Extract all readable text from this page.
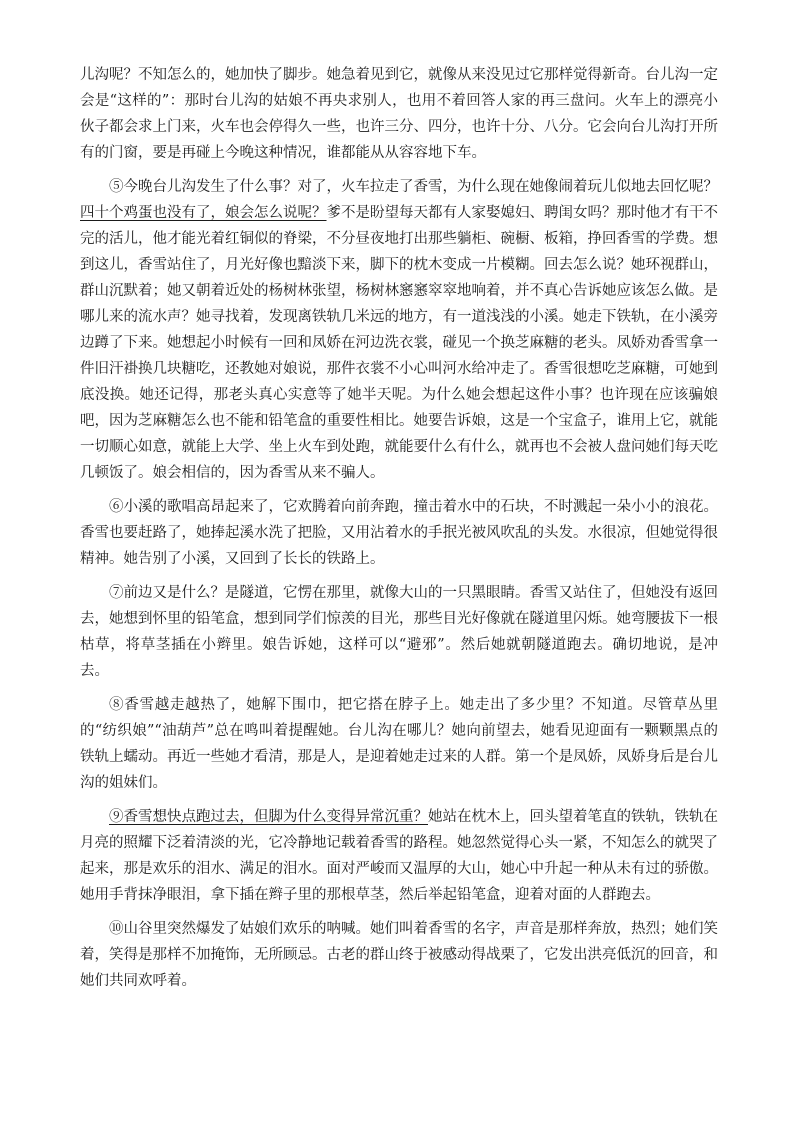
儿沟呢？不知怎么的，她加快了脚步。她急着见到它，就像从来没见过它那样觉得新奇。台儿沟一定会是“这样的”：那时台儿沟的姑娘不再央求别人，也用不着回答人家的再三盘问。火车上的漂亮小伙子都会求上门来，火车也会停得久一些，也许三分、四分，也许十分、八分。它会向台儿沟打开所有的门窗，要是再碰上今晚这种情况，谁都能从从容容地下车。

⑤今晚台儿沟发生了什么事？对了，火车拉走了香雪，为什么现在她像闹着玩儿似地去回忆呢？四十个鸡蛋也没有了，娘会怎么说呢？爹不是盼望每天都有人家娶媳妇、聘闺女吗？那时他才有干不完的活儿，他才能光着红铜似的脊梁，不分昼夜地打出那些躺柜、碗橱、板箱，挣回香雪的学费。想到这儿，香雪站住了，月光好像也黯淡下来，脚下的枕木变成一片模糊。回去怎么说？她环视群山，群山沉默着；她又朝着近处的杨树林张望，杨树林窸窸窣窣地响着，并不真心告诉她应该怎么做。是哪儿来的流水声？她寻找着，发现离铁轨几米远的地方，有一道浅浅的小溪。她走下铁轨，在小溪旁边蹲了下来。她想起小时候有一回和凤娇在河边洗衣裳，碰见一个换芝麻糖的老头。凤娇劝香雪拿一件旧汗褂换几块糖吃，还教她对娘说，那件衣裳不小心叫河水给冲走了。香雪很想吃芝麻糖，可她到底没换。她还记得，那老头真心实意等了她半天呢。为什么她会想起这件小事？也许现在应该骗娘吧，因为芝麻糖怎么也不能和铅笔盒的重要性相比。她要告诉娘，这是一个宝盒子，谁用上它，就能一切顺心如意，就能上大学、坐上火车到处跑，就能要什么有什么，就再也不会被人盘问她们每天吃几顿饭了。娘会相信的，因为香雪从来不骗人。

⑥小溪的歌唱高昂起来了，它欢腾着向前奔跑，撞击着水中的石块，不时溅起一朵小小的浪花。香雪也要赶路了，她捧起溪水洗了把脸，又用沾着水的手抿光被风吹乱的头发。水很凉，但她觉得很精神。她告别了小溪，又回到了长长的铁路上。

⑦前边又是什么？是隧道，它愣在那里，就像大山的一只黑眼睛。香雪又站住了，但她没有返回去，她想到怀里的铅笔盒，想到同学们惊羡的目光，那些目光好像就在隧道里闪烁。她弯腰拔下一根枯草，将草茎插在小辫里。娘告诉她，这样可以“避邪”。然后她就朝隧道跑去。确切地说，是冲去。

⑧香雪越走越热了，她解下围巾，把它搭在脖子上。她走出了多少里？不知道。尽管草丛里的“纺织娘”“油葫芦”总在鸣叫着提醒她。台儿沟在哪儿？她向前望去，她看见迎面有一颗颗黑点的铁轨上蠕动。再近一些她才看清，那是人，是迎着她走过来的人群。第一个是凤娇，凤娇身后是台儿沟的姐妹们。

⑨香雪想快点跑过去，但脚为什么变得异常沉重？她站在枕木上，回头望着笔直的铁轨，铁轨在月亮的照耀下泛着清淡的光，它冷静地记载着香雪的路程。她忽然觉得心头一紧，不知怎么的就哭了起来，那是欢乐的泪水、满足的泪水。面对严峻而又温厚的大山，她心中升起一种从未有过的骄傲。她用手背抹净眼泪，拿下插在辫子里的那根草茎，然后举起铅笔盒，迎着对面的人群跑去。

⑩山谷里突然爆发了姑娘们欢乐的呐喊。她们叫着香雪的名字，声音是那样奔放，热烈；她们笑着，笑得是那样不加掩饰，无所顾忌。古老的群山终于被感动得战栗了，它发出洪亮低沉的回音，和她们共同欢呼着。
